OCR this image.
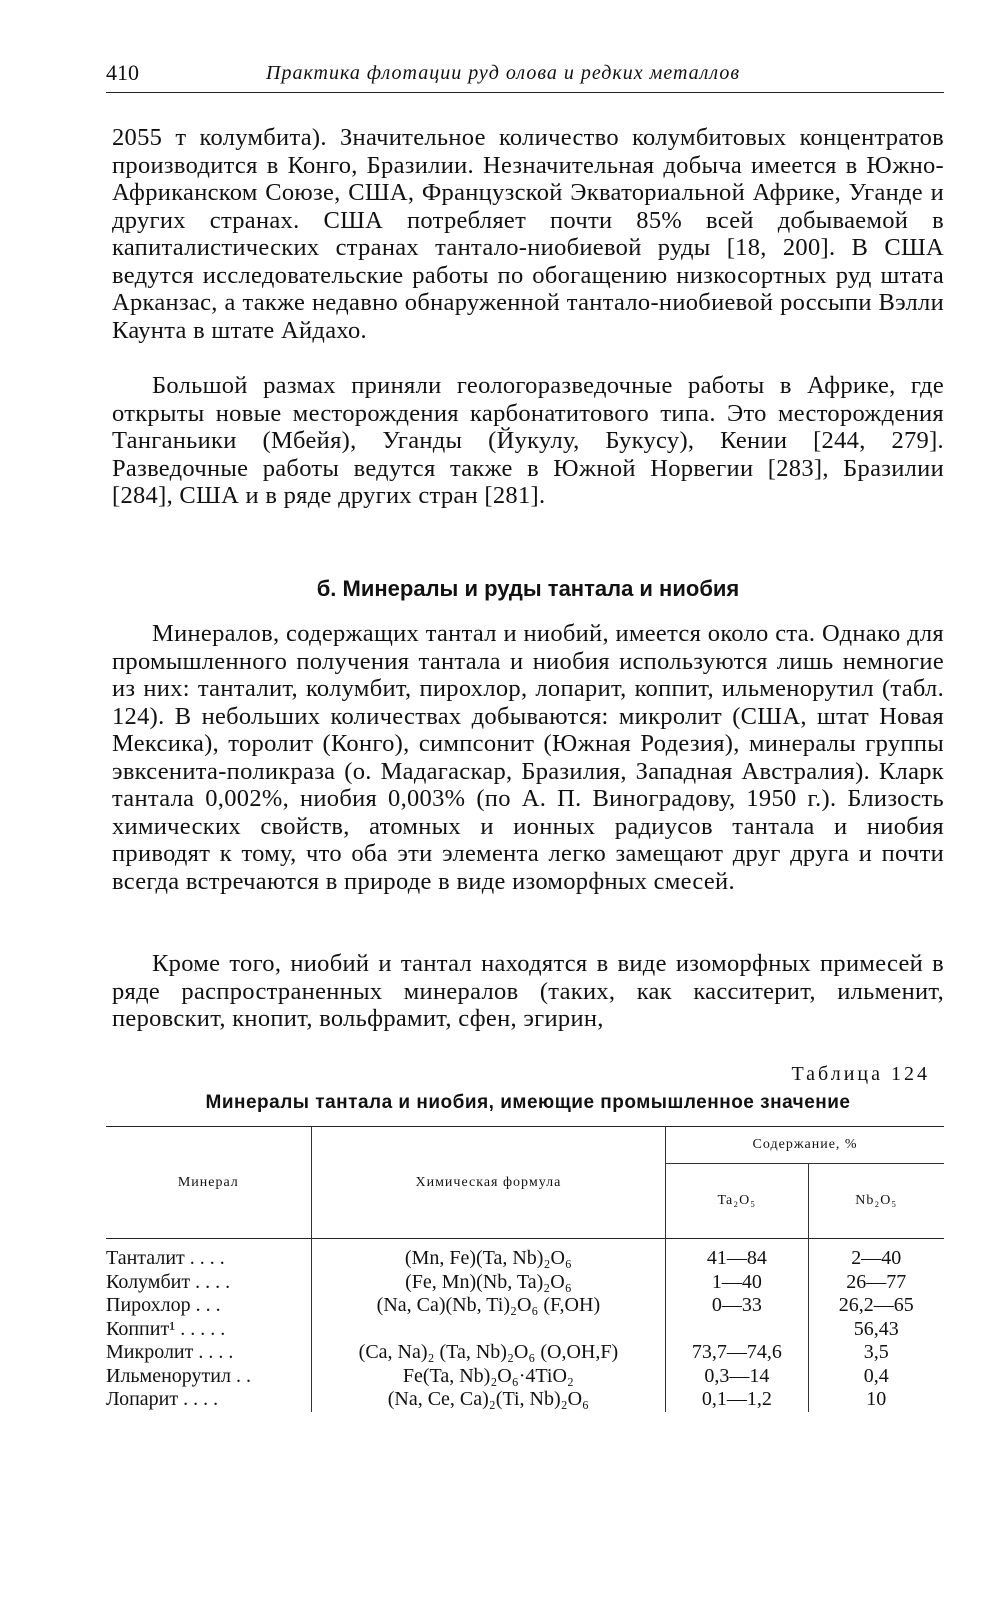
410	Практика флотации руд олова и редких металлов

2055 т колумбита). Значительное количество колумбитовых концентратов производится в Конго, Бразилии. Незначительная добыча имеется в Южно-Африканском Союзе, США, Французской Экваториальной Африке, Уганде и других странах. США потребляет почти 85% всей добываемой в капиталистических странах тантало-ниобиевой руды [18, 200]. В США ведутся исследовательские работы по обогащению низкосортных руд штата Арканзас, а также недавно обнаруженной тантало-ниобиевой россыпи Вэлли Каунта в штате Айдахо.

Большой размах приняли геологоразведочные работы в Африке, где открыты новые месторождения карбонатитового типа. Это месторождения Танганьики (Мбейя), Уганды (Йукулу, Букусу), Кении [244, 279]. Разведочные работы ведутся также в Южной Норвегии [283], Бразилии [284], США и в ряде других стран [281].

б. Минералы и руды тантала и ниобия

Минералов, содержащих тантал и ниобий, имеется около ста. Однако для промышленного получения тантала и ниобия используются лишь немногие из них: танталит, колумбит, пирохлор, лопарит, коппит, ильменорутил (табл. 124). В небольших количествах добываются: микролит (США, штат Новая Мексика), торолит (Конго), симпсонит (Южная Родезия), минералы группы эвксенита-поликраза (о. Мадагаскар, Бразилия, Западная Австралия). Кларк тантала 0,002%, ниобия 0,003% (по А. П. Виноградову, 1950 г.). Близость химических свойств, атомных и ионных радиусов тантала и ниобия приводят к тому, что оба эти элемента легко замещают друг друга и почти всегда встречаются в природе в виде изоморфных смесей.

Кроме того, ниобий и тантал находятся в виде изоморфных примесей в ряде распространенных минералов (таких, как касситерит, ильменит, перовскит, кнопит, вольфрамит, сфен, эгирин,

Таблица 124
Минералы тантала и ниобия, имеющие промышленное значение
Минерал	Химическая формула	Содержание, %	
		Ta₂O₅	Nb₂O₅
Танталит . . . .	(Mn, Fe)(Ta, Nb)₂O₆	41—84	2—40
Колумбит . . . .	(Fe, Mn)(Nb, Ta)₂O₆	1—40	26—77
Пирохлор . . .	(Na, Ca)(Nb, Ti)₂O₆ (F,OH)	0—33	26,2—65
Коппит¹ . . . . .			56,43
Микролит . . . .	(Ca, Na)₂ (Ta, Nb)₂O₆ (O,OH,F)	73,7—74,6	3,5
Ильменорутил . .	Fe(Ta, Nb)₂O₆·4TiO₂	0,3—14	0,4
Лопарит . . . .	(Na, Ce, Ca)₂(Ti, Nb)₂O₆	0,1—1,2	10
